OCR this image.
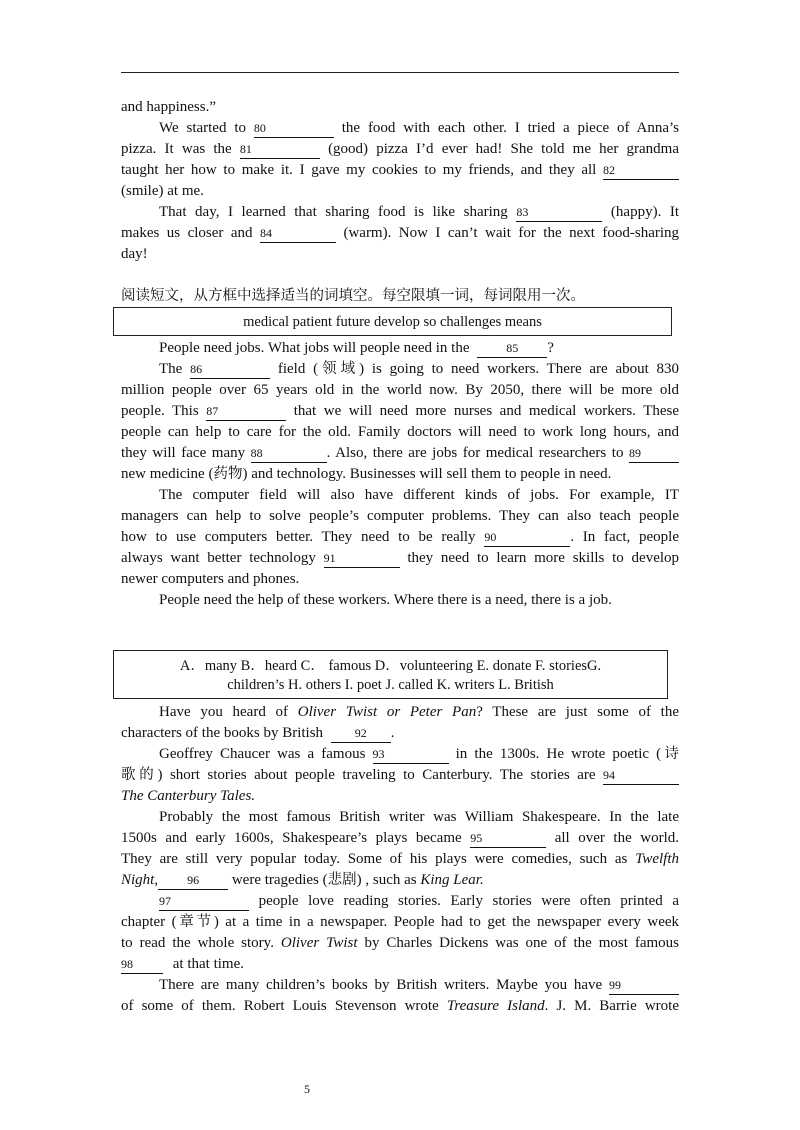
and happiness.”
We started to 80	the food with each other. I tried a piece of Anna’s
pizza. It was the 81	(good) pizza I’d ever had! She told me her grandma
taught her how to make it. I gave my cookies to my friends, and they all 82
(smile) at me.
That day, I learned that sharing food is like sharing 83	(happy). It
makes us closer and 84	(warm). Now I can’t wait for the next food-sharing
day!
阅读短文，从方框中选择适当的词填空。每空限填一词，每词限用一次。
medical patient future develop so challenges means
People need jobs. What jobs will people need in the	85 ?
The 86	field (领域) is going to need workers. There are about 830
million people over 65 years old in the world now. By 2050, there will be more old
people. This 87	that we will need more nurses and medical workers. These
people can help to care for the old. Family doctors will need to work long hours, and
they will face many 88	. Also, there are jobs for medical researchers to 89
new medicine (药物) and technology. Businesses will sell them to people in need.
The computer field will also have different kinds of jobs. For example, IT
managers can help to solve people’s computer problems. They can also teach people
how to use computers better. They need to be really 90	. In fact, people
always want better technology 91	they need to learn more skills to develop
newer computers and phones.
People need the help of these workers. Where there is a need, there is a job.
A．many B．heard C． famous D．volunteering E. donate F. storiesG.
children’s H. others I. poet J. called K. writers L. British
Have you heard of Oliver Twist or Peter Pan? These are just some of the
characters of the books by British	92 .
Geoffrey Chaucer was a famous 93	in the 1300s. He wrote poetic (诗
歌的) short stories about people traveling to Canterbury. The stories are 94
The Canterbury Tales.
Probably the most famous British writer was William Shakespeare. In the late
1500s and early 1600s, Shakespeare’s plays became 95	all over the world.
They are still very popular today. Some of his plays were comedies, such as Twelfth
Night, 96 were tragedies (悲剧) , such as King Lear.
97	people love reading stories. Early stories were often printed a
chapter (章节) at a time in a newspaper. People had to get the newspaper every week
to read the whole story. Oliver Twist by Charles Dickens was one of the most famous
98	at that time.
There are many children’s books by British writers. Maybe you have 99
of some of them. Robert Louis Stevenson wrote Treasure Island. J. M. Barrie wrote
5
